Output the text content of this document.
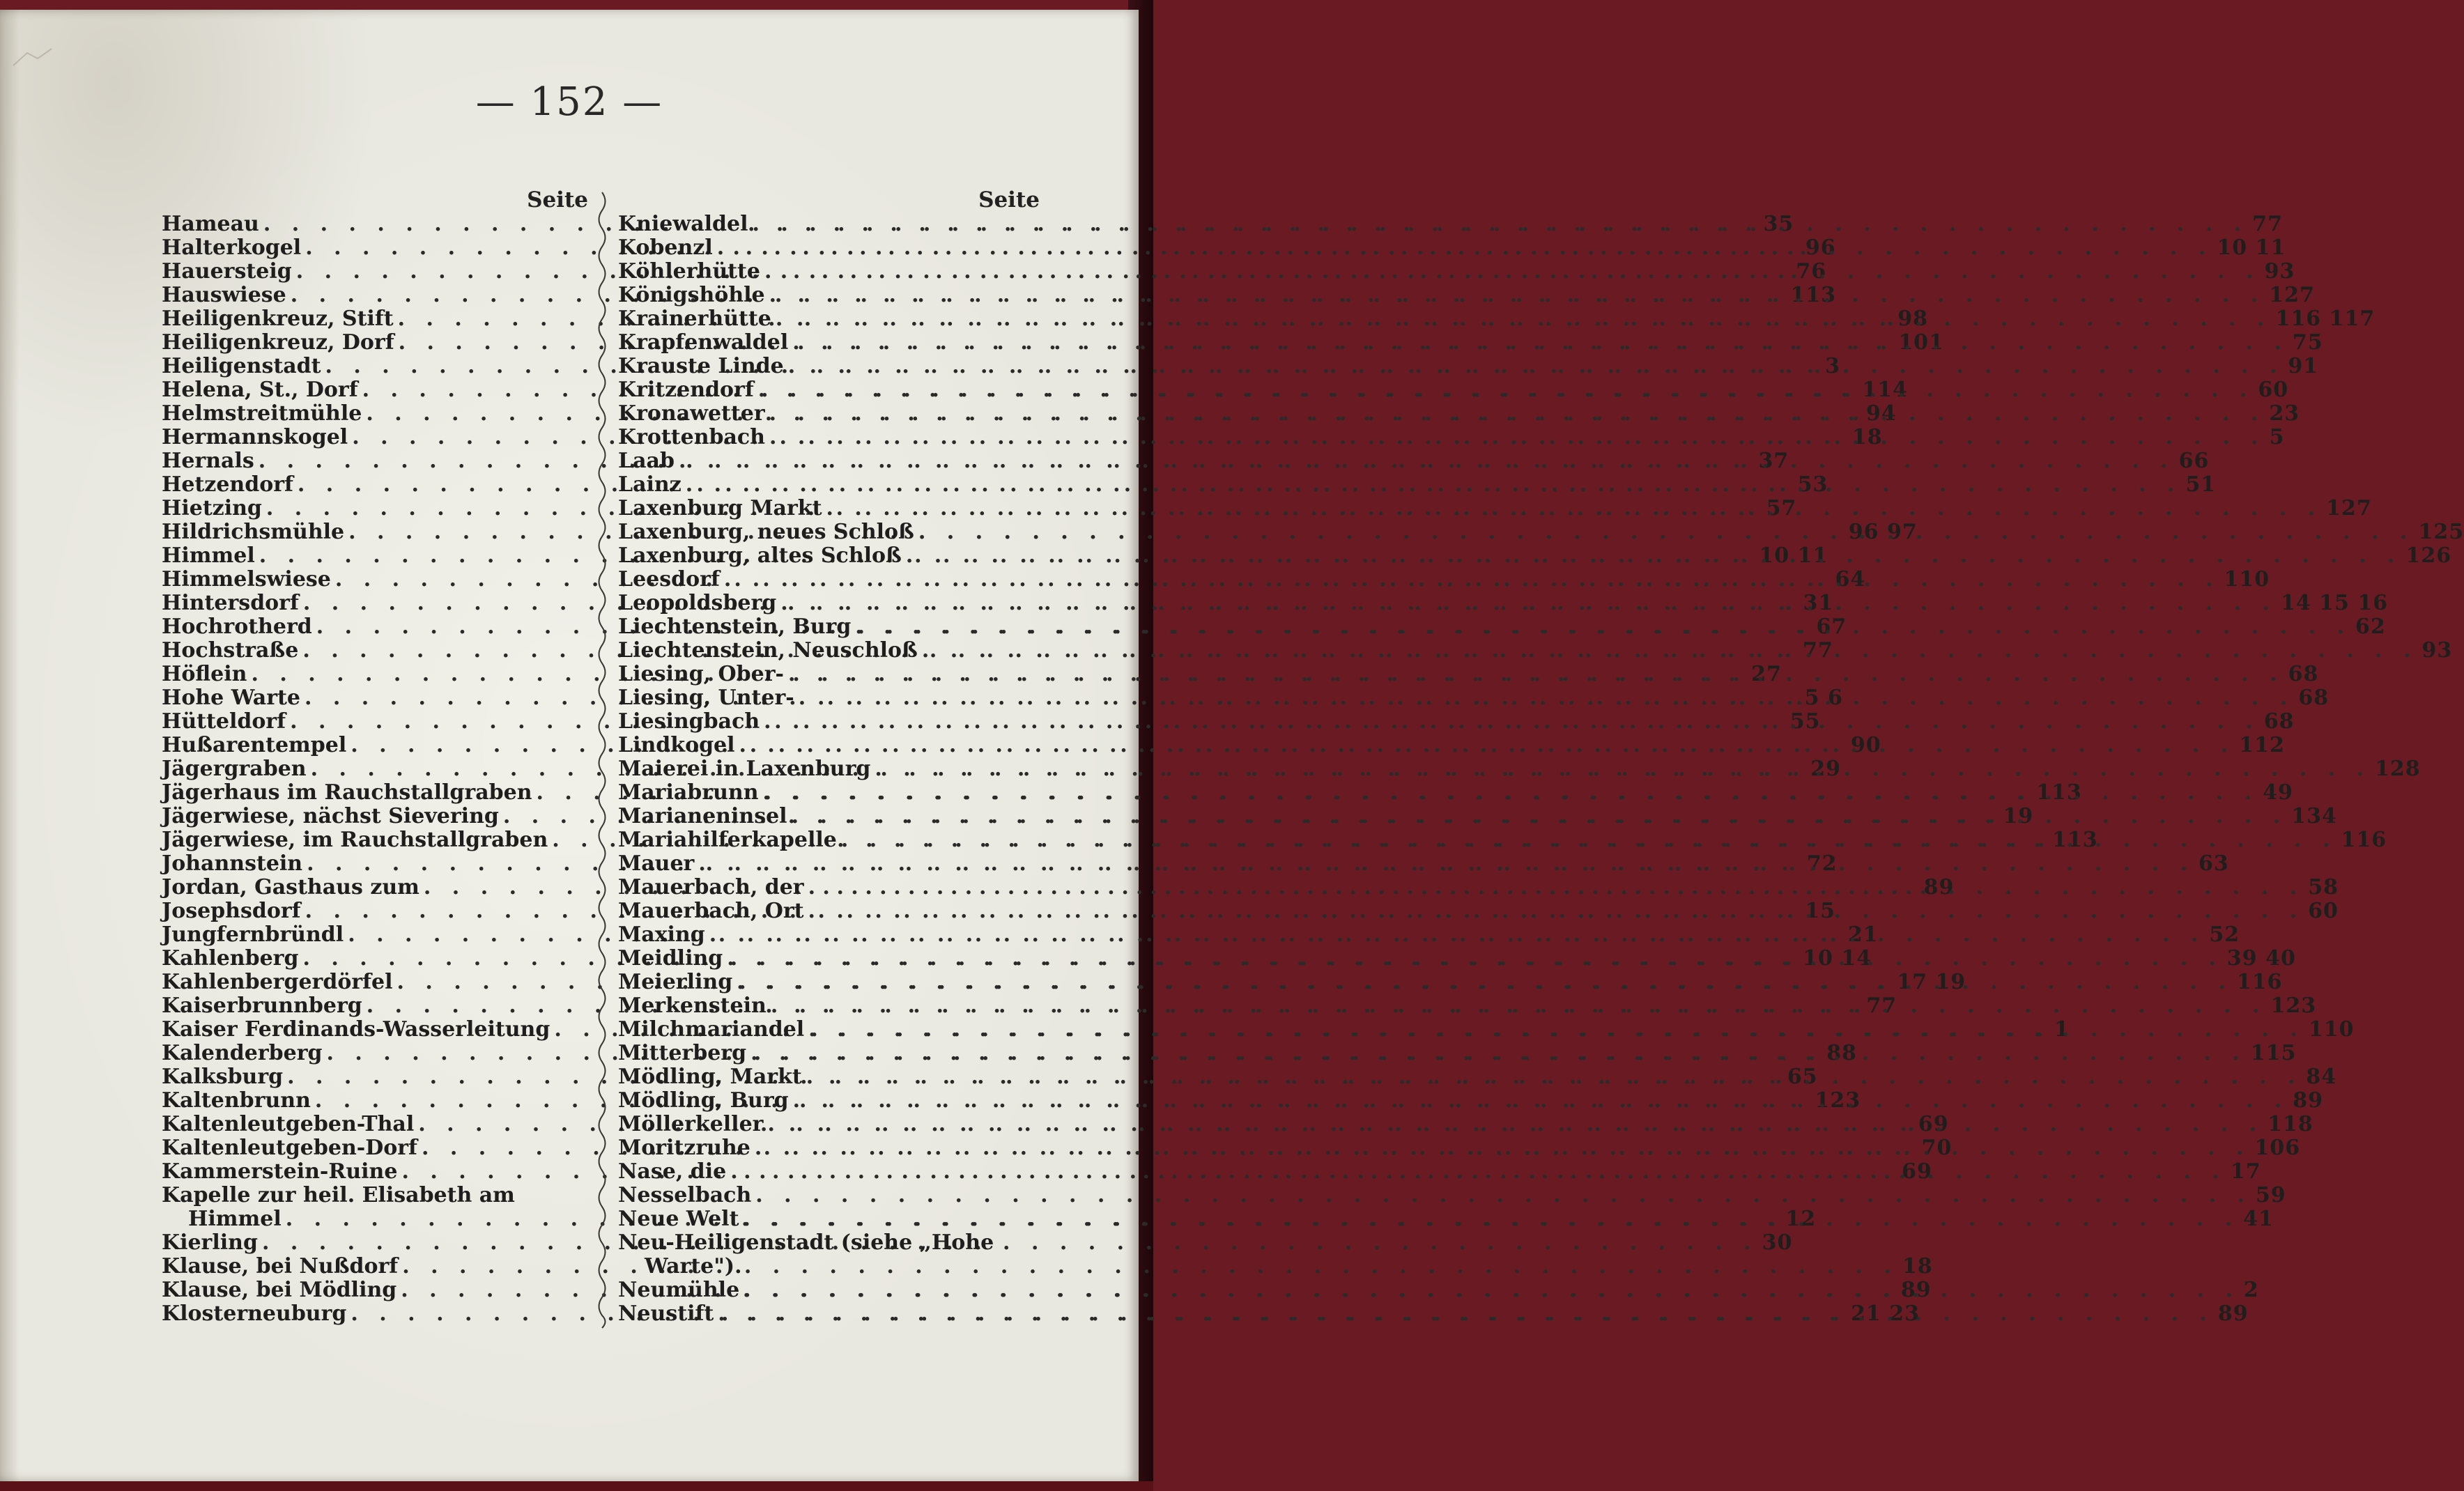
— 152 —
Seite
Hameau . . .	35
Halterkogel . . .	96
Hauersteig . . .	76
Hauswiese . . .	113
Heiligenkreuz, Stift . . .	98
Heiligenkreuz, Dorf . . .	101
Heiligenstadt . . .	3
Helena, St., Dorf . . .	114
Helmstreitmühle . . .	94
Hermannskogel . . .	18
Hernals . . .	37
Hetzendorf . . .	53
Hietzing . . .	57
Hildrichsmühle . . .	96 97
Himmel . . .	10 11
Himmelswiese . . .	64
Hintersdorf . . .	31
Hochrotherd . . .	67
Hochstraße . . .	77
Höflein . . .	27
Hohe Warte . . .	5 6
Hütteldorf . . .	55
Hußarentempel . . .	90
Jägergraben . . .	29
Jägerhaus im Rauchstallgraben . . .	113
Jägerwiese, nächst Sievering . . .	19
Jägerwiese, im Rauchstallgraben . . .	113
Johannstein . . .	72
Jordan, Gasthaus zum . . .	89
Josephsdorf . . .	15
Jungfernbründl . . .	21
Kahlenberg . . .	10 14
Kahlenbergerdörfel . . .	17 19
Kaiserbrunnberg . . .	77
Kaiser Ferdinands-Wasserleitung . . .	1
Kalenderberg . . .	88
Kalksburg . . .	65
Kaltenbrunn . . .	123
Kaltenleutgeben-Thal . . .	69
Kaltenleutgeben-Dorf . . .	70
Kammerstein-Ruine . . .	69
Kapelle zur heil. Elisabeth am
Himmel . . .	12
Kierling . . .	30
Klause, bei Nußdorf . . .	18
Klause, bei Mödling . . .	89
Klosterneuburg . . .	21 23
Seite
Kniewaldel . . .	77
Kobenzl . . .	10 11
Köhlerhütte . . .	93
Königshöhle . . .	127
Krainerhütte . . .	116 117
Krapfenwaldel . . .	75
Krauste Linde . . .	91
Kritzendorf . . .	60
Kronawetter . . .	23
Krottenbach . . .	5
Laab . . .	66
Lainz . . .	51
Laxenburg Markt . . .	127
Laxenburg, neues Schloß . . .	125
Laxenburg, altes Schloß . . .	126
Leesdorf . . .	110
Leopoldsberg . . .	14 15 16
Liechtenstein, Burg . . .	62
Liechtenstein, Neuschloß . . .	93
Liesing, Ober- . . .	68
Liesing, Unter- . . .	68
Liesingbach . . .	68
Lindkogel . . .	112
Maierei in Laxenburg . . .	128
Mariabrunn . . .	49
Marianeninsel . . .	134
Mariahilferkapelle . . .	116
Mauer . . .	63
Mauerbach, der . . .	58
Mauerbach, Ort . . .	60
Maxing . . .	52
Meidling . . .	39 40
Meierling . . .	116
Merkenstein . . .	123
Milchmariandel . . .	110
Mitterberg . . .	115
Mödling, Markt . . .	84
Mödling, Burg . . .	89
Möllerkeller . . .	118
Moritzruhe . . .	106
Nase, die . . .	17
Nesselbach . . .	59
Neue Welt . . .	41
Neu-Heiligenstadt (siehe „Hohe
Warte").
Neumühle . . .	2
Neustift . . .	89
